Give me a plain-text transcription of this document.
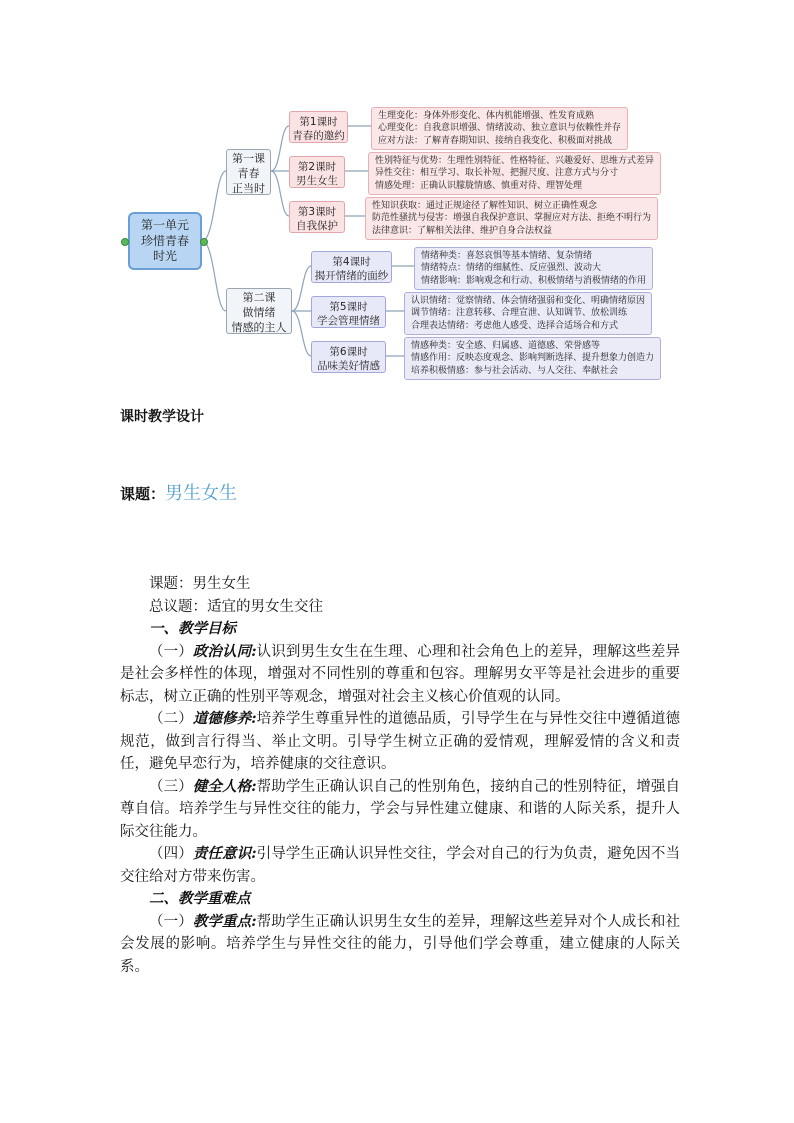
第一单元
珍惜青春
时光
第一课
青春
正当时
第1课时
青春的邀约
第2课时
男生女生
第3课时
自我保护
生理变化：身体外形变化、体内机能增强、性发育成熟
心理变化：自我意识增强、情绪波动、独立意识与依赖性并存
应对方法：了解青春期知识、接纳自我变化、积极面对挑战
性别特征与优势：生理性别特征、性格特征、兴趣爱好、思维方式差异
异性交往：相互学习、取长补短、把握尺度、注意方式与分寸
情感处理：正确认识朦胧情感、慎重对待、理智处理
性知识获取：通过正规途径了解性知识、树立正确性观念
防范性骚扰与侵害：增强自我保护意识、掌握应对方法、拒绝不明行为
法律意识：了解相关法律、维护自身合法权益
第二课
做情绪
情感的主人
第4课时
揭开情绪的面纱
第5课时
学会管理情绪
第6课时
品味美好情感
情绪种类：喜怒哀惧等基本情绪、复杂情绪
情绪特点：情绪的细腻性、反应强烈、波动大
情绪影响：影响观念和行动、积极情绪与消极情绪的作用
认识情绪：觉察情绪、体会情绪强弱和变化、明确情绪原因
调节情绪：注意转移、合理宣泄、认知调节、放松训练
合理表达情绪：考虑他人感受、选择合适场合和方式
情感种类：安全感、归属感、道德感、荣誉感等
情感作用：反映态度观念、影响判断选择、提升想象力创造力
培养积极情感：参与社会活动、与人交往、奉献社会
课时教学设计
课题：男生女生

课题：男生女生

总议题：适宜的男女生交往

一、教学目标

（一）政治认同:认识到男生女生在生理、心理和社会角色上的差异，理解这些差异是社会多样性的体现，增强对不同性别的尊重和包容。理解男女平等是社会进步的重要标志，树立正确的性别平等观念，增强对社会主义核心价值观的认同。

（二）道德修养:培养学生尊重异性的道德品质，引导学生在与异性交往中遵循道德规范，做到言行得当、举止文明。引导学生树立正确的爱情观，理解爱情的含义和责任，避免早恋行为，培养健康的交往意识。

（三）健全人格:帮助学生正确认识自己的性别角色，接纳自己的性别特征，增强自尊自信。培养学生与异性交往的能力，学会与异性建立健康、和谐的人际关系，提升人际交往能力。

（四）责任意识:引导学生正确认识异性交往，学会对自己的行为负责，避免因不当交往给对方带来伤害。

二、教学重难点

（一）教学重点:帮助学生正确认识男生女生的差异，理解这些差异对个人成长和社会发展的影响。培养学生与异性交往的能力，引导他们学会尊重，建立健康的人际关系。
